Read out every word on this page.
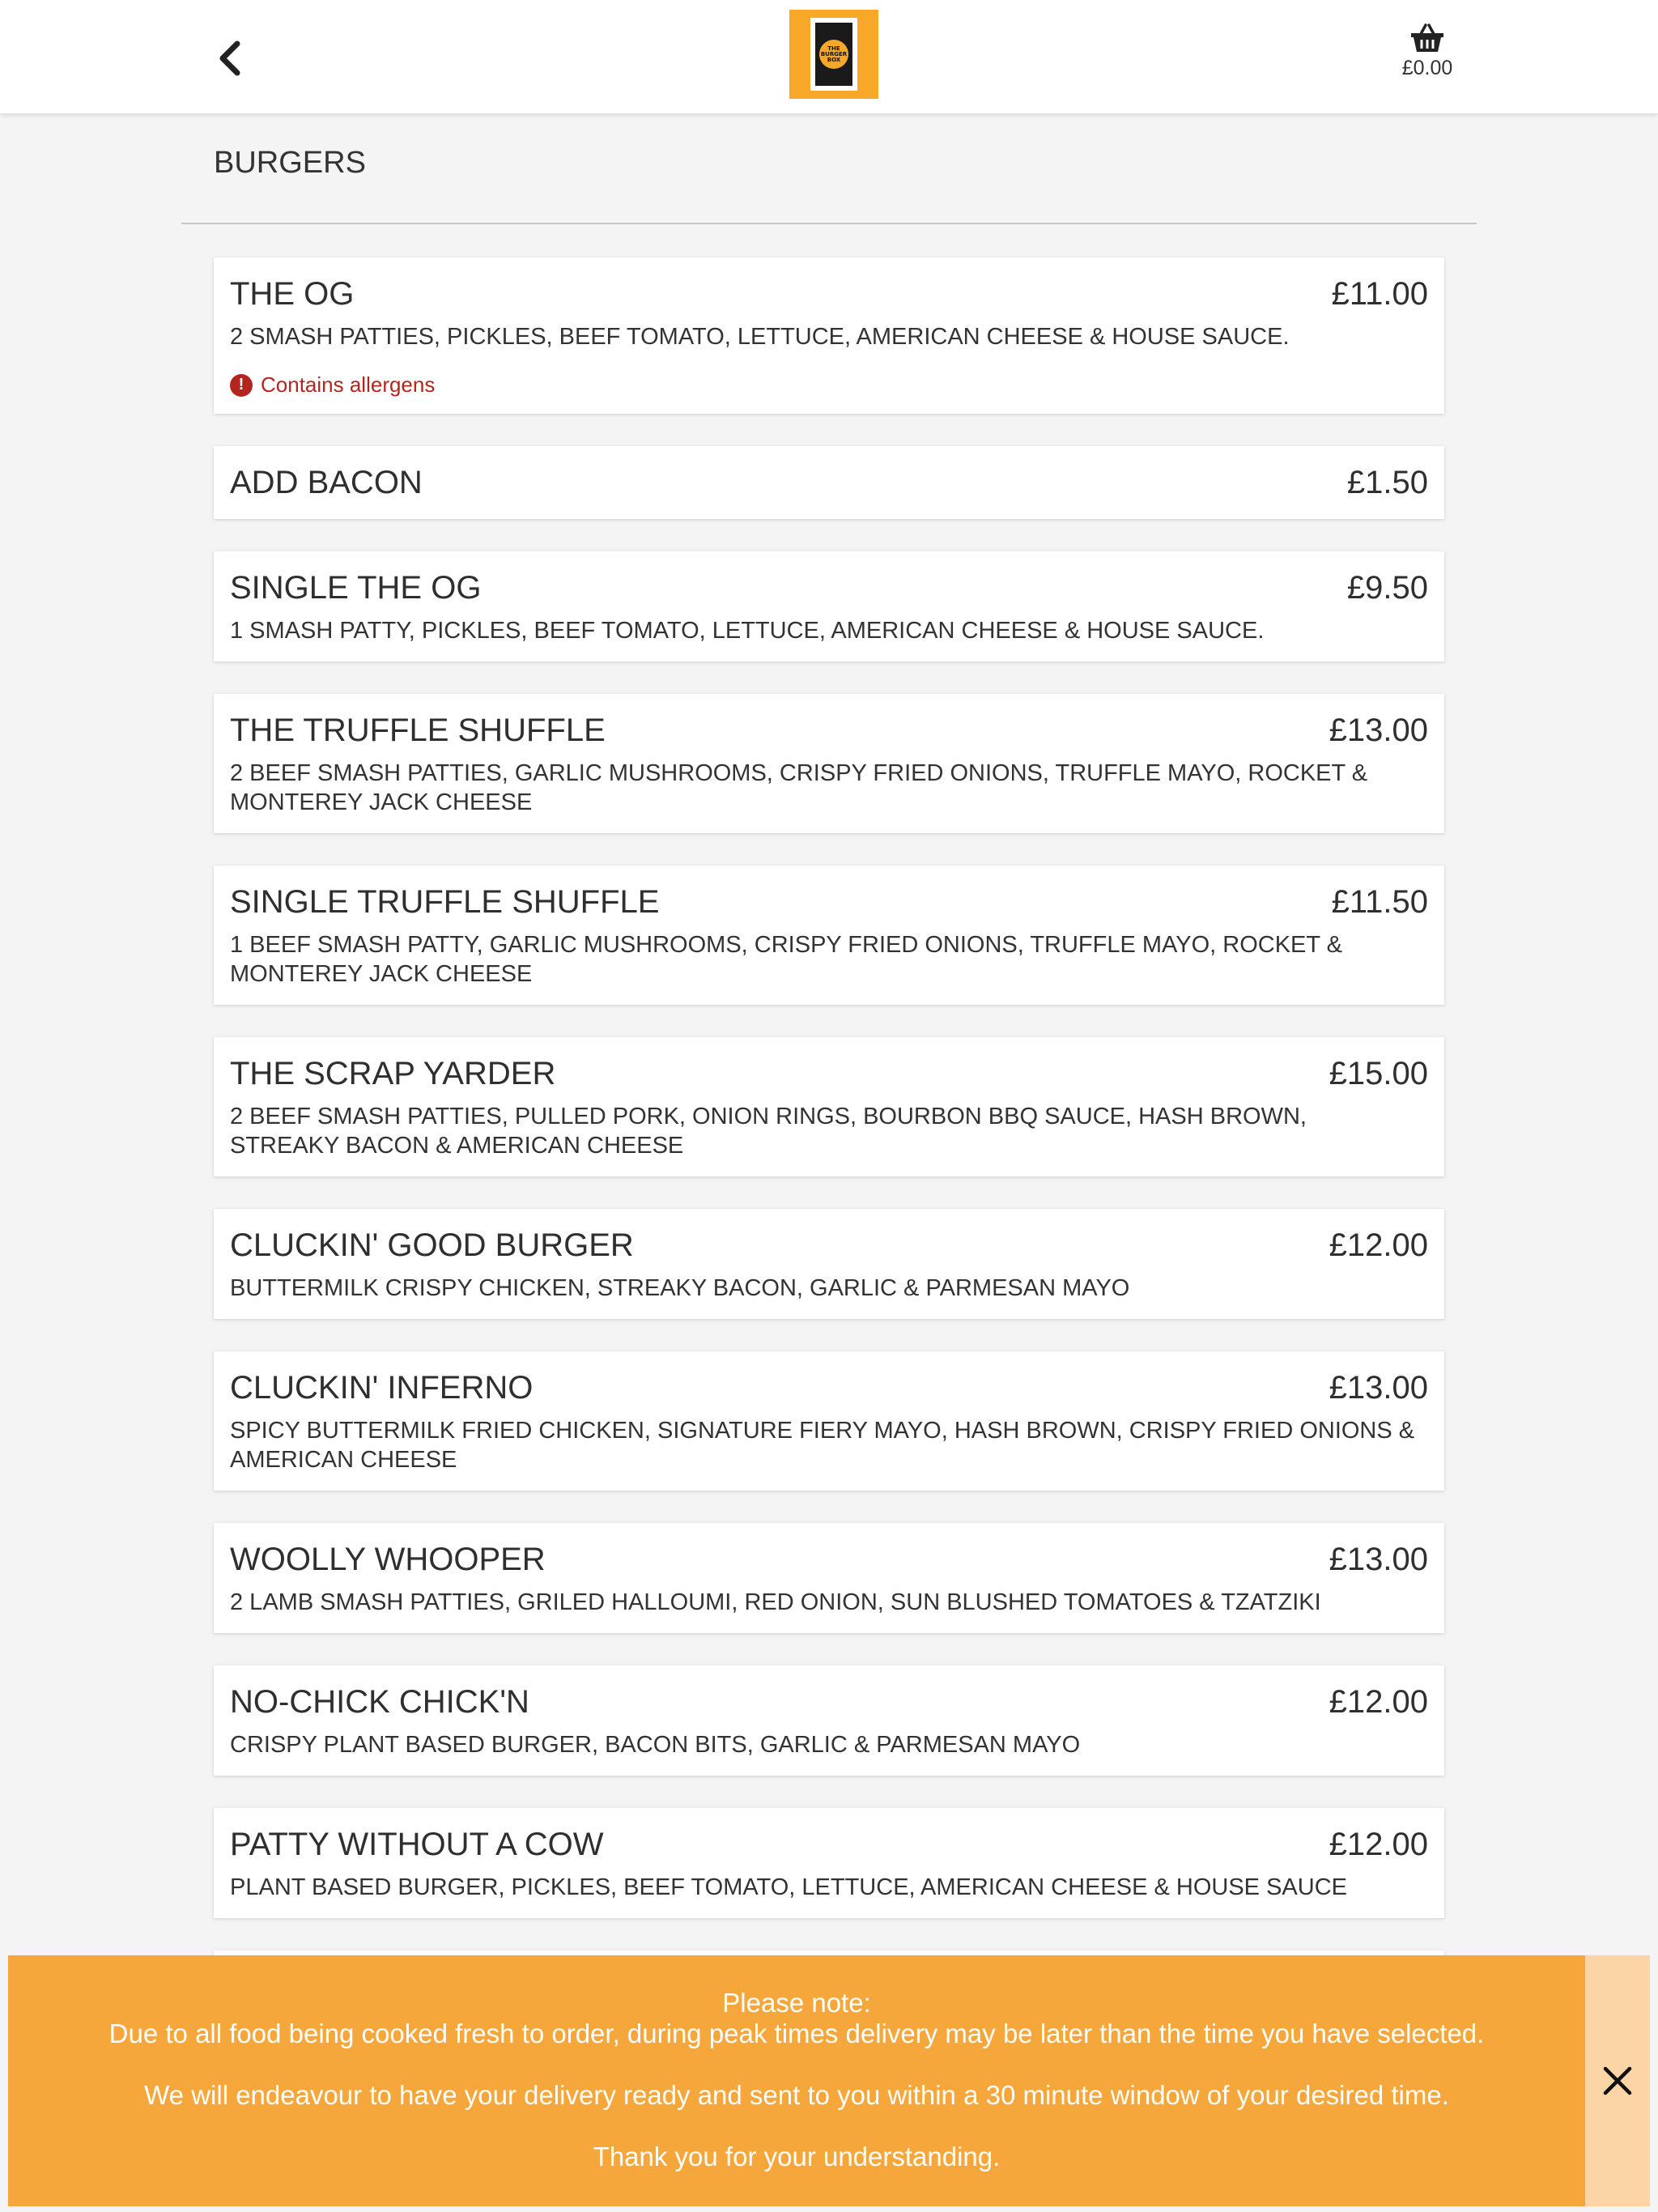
THE
BURGER
BOX	£0.00
BURGERS
THE OG	£11.00
2 SMASH PATTIES, PICKLES, BEEF TOMATO, LETTUCE, AMERICAN CHEESE & HOUSE SAUCE.
! Contains allergens
ADD BACON	£1.50
SINGLE THE OG	£9.50
1 SMASH PATTY, PICKLES, BEEF TOMATO, LETTUCE, AMERICAN CHEESE & HOUSE SAUCE.
THE TRUFFLE SHUFFLE	£13.00
2 BEEF SMASH PATTIES, GARLIC MUSHROOMS, CRISPY FRIED ONIONS, TRUFFLE MAYO, ROCKET & MONTEREY JACK CHEESE
SINGLE TRUFFLE SHUFFLE	£11.50
1 BEEF SMASH PATTY, GARLIC MUSHROOMS, CRISPY FRIED ONIONS, TRUFFLE MAYO, ROCKET & MONTEREY JACK CHEESE
THE SCRAP YARDER	£15.00
2 BEEF SMASH PATTIES, PULLED PORK, ONION RINGS, BOURBON BBQ SAUCE, HASH BROWN, STREAKY BACON & AMERICAN CHEESE
CLUCKIN' GOOD BURGER	£12.00
BUTTERMILK CRISPY CHICKEN, STREAKY BACON, GARLIC & PARMESAN MAYO
CLUCKIN' INFERNO	£13.00
SPICY BUTTERMILK FRIED CHICKEN, SIGNATURE FIERY MAYO, HASH BROWN, CRISPY FRIED ONIONS & AMERICAN CHEESE
WOOLLY WHOOPER	£13.00
2 LAMB SMASH PATTIES, GRILED HALLOUMI, RED ONION, SUN BLUSHED TOMATOES & TZATZIKI
NO-CHICK CHICK'N	£12.00
CRISPY PLANT BASED BURGER, BACON BITS, GARLIC & PARMESAN MAYO
PATTY WITHOUT A COW	£12.00
PLANT BASED BURGER, PICKLES, BEEF TOMATO, LETTUCE, AMERICAN CHEESE & HOUSE SAUCE

Please note:

Due to all food being cooked fresh to order, during peak times delivery may be later than the time you have selected.

We will endeavour to have your delivery ready and sent to you within a 30 minute window of your desired time.

Thank you for your understanding.
